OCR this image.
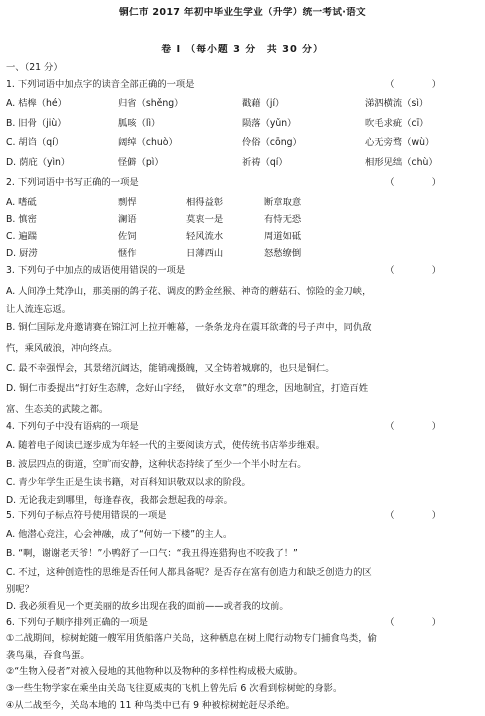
铜仁市 2017 年初中毕业生学业（升学）统一考试·语文
卷 I （每小题 3 分　共 30 分）
一、（21 分）
1. 下列词语中加点字的读音全部正确的一项是	（　　　　）
A. 桔槔（hé）	归省（shěng）	戳藉（jí）	涕泗横流（sì）
B. 旧骨（jiù）	胍咳（lì）	陨落（yǔn）	吹毛求疵（cī）
C. 胡诌（qí）	阔绰（chuò）	伶俗（cōng）	心无旁骛（wù）
D. 荫庇（yìn）	怪僻（pì）	祈祷（qí）	相形见绌（chù）
2. 下列词语中书写正确的一项是	（　　　　）
A. 嗜砥	剽悍	相得益彰	断章取意
B. 慎密	澜语	莫衷一是	有恃无恐
C. 遍踹	佐饲	轻风流水	周道如砥
D. 厨涝	惬作	日薄西山	怒愁缭倒
3. 下列句子中加点的成语使用错误的一项是	（　　　　）
A. 人间净土梵净山，那美丽的鸽子花、调皮的黔金丝猴、神奇的蘑菇石、惊险的金刀峡，
让人流连忘返。
B. 铜仁国际龙舟邀请赛在锦江河上拉开帷幕，一条条龙舟在震耳欲聋的号子声中，同仇敌
忾，乘风破浪，冲向终点。
C. 最不幸强悍会，其景绪沉阔达，能销魂摄魄，又全铸着城廓的，也只是铜仁。
D. 铜仁市委提出“打好生态牌，念好山字经，　做好水文章”的理念，因地制宜，打造百姓
富、生态美的武陵之都。
4. 下列句子中没有语病的一项是	（　　　　）
A. 随着电子阅读已逐步成为年轻一代的主要阅读方式，使传统书店举步维艰。
B. 波层四点的街道，空旷而安静，这种状态持续了至少一个半小时左右。
C. 青少年学生正是生读书籍，对百科知识敬双以求的阶段。
D. 无论我走到哪里，每逢春夜，我都会想起我的母亲。
5. 下列句子标点符号使用错误的一项是	（　　　　）
A. 他潜心竞注，心会神融，成了“何妨一下楼”的主人。
B. “啊，谢谢老天爷！”小鸭舒了一口气：“我丑得连猎狗也不咬我了！”
C. 不过，这种创造性的思维是否任何人都具备呢？是否存在富有创造力和缺乏创造力的区
别呢？
D. 我必须看见一个更美丽的故乡出现在我的面前——或者我的坟前。
6. 下列句子顺序排列正确的一项是	（　　　　）
①二战期间，棕树蛇随一艘军用货船落户关岛，这种栖息在树上爬行动物专门捕食鸟类，偷
袭鸟巢，吞食鸟蛋。
②“生物入侵者”对被入侵地的其他物种以及物种的多样性构成极大威胁。
③一些生物学家在乘坐由关岛飞往夏威夷的飞机上曾先后 6 次看到棕树蛇的身影。
④从二战至今，关岛本地的 11 种鸟类中已有 9 种被棕树蛇赶尽杀绝。
